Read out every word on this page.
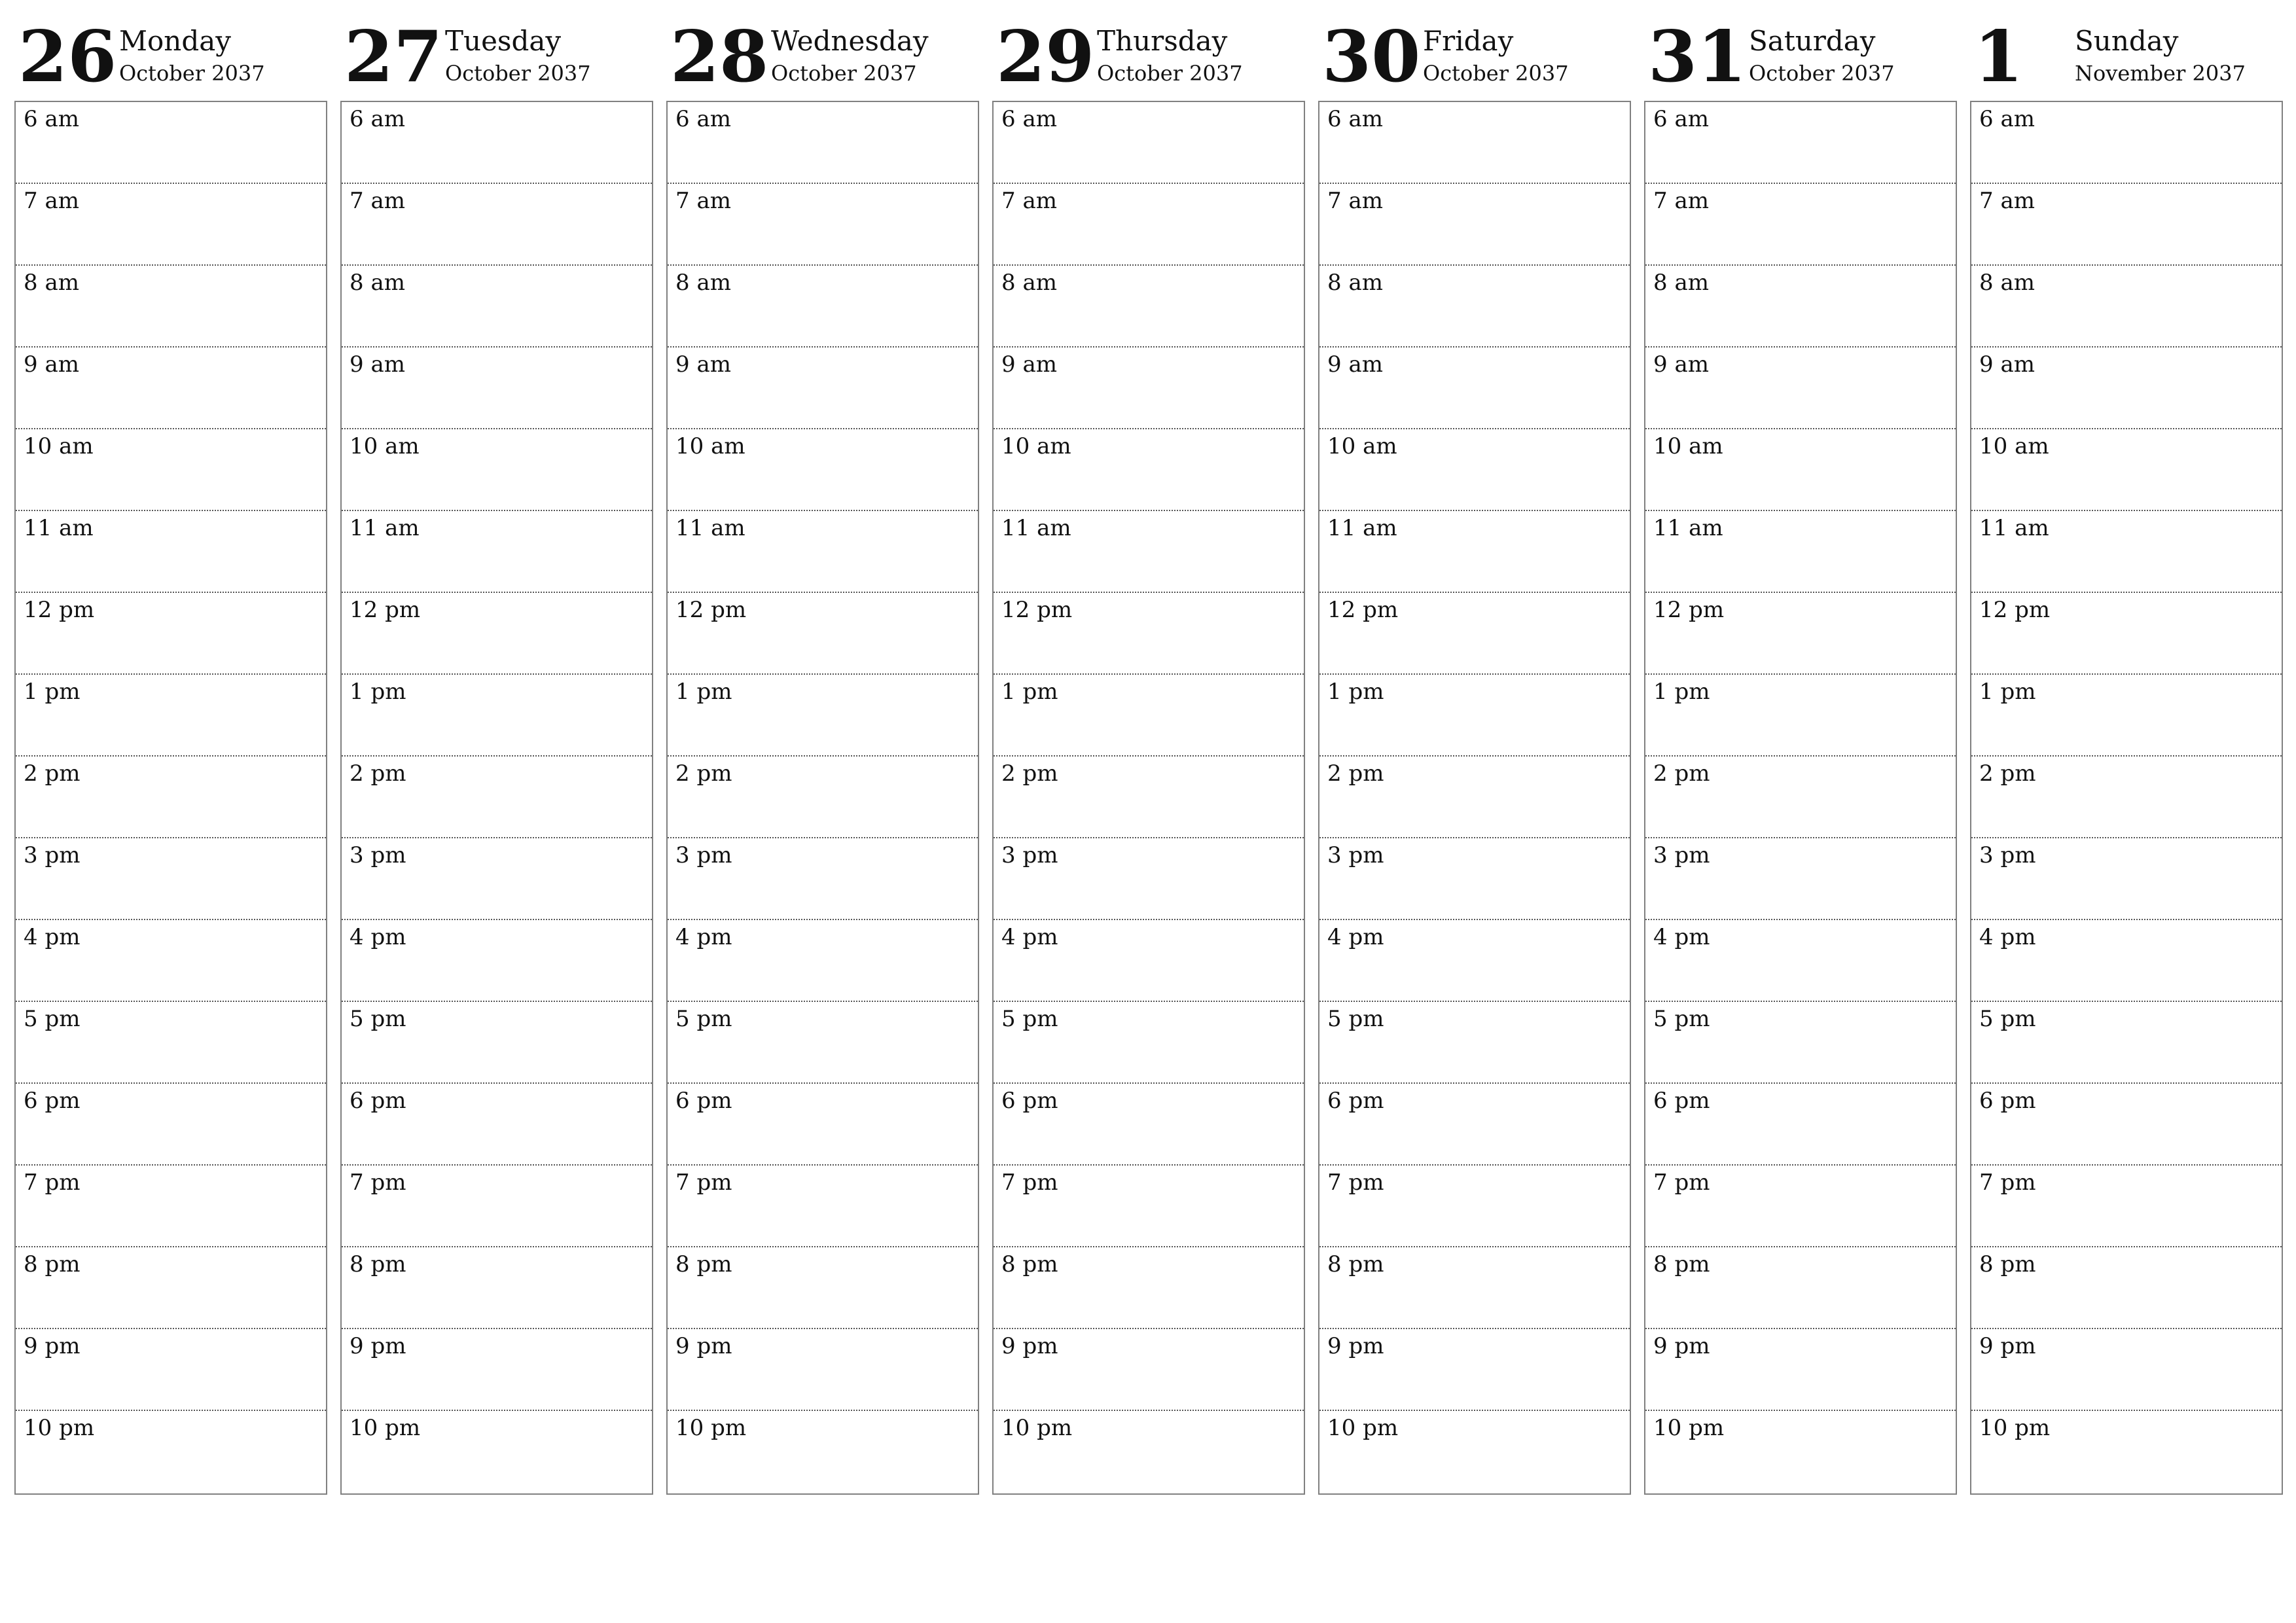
26 Monday
October 2037
6 am
7 am
8 am
9 am
10 am
11 am
12 pm
1 pm
2 pm
3 pm
4 pm
5 pm
6 pm
7 pm
8 pm
9 pm
10 pm
27 Tuesday
October 2037
6 am
7 am
8 am
9 am
10 am
11 am
12 pm
1 pm
2 pm
3 pm
4 pm
5 pm
6 pm
7 pm
8 pm
9 pm
10 pm
28 Wednesday
October 2037
6 am
7 am
8 am
9 am
10 am
11 am
12 pm
1 pm
2 pm
3 pm
4 pm
5 pm
6 pm
7 pm
8 pm
9 pm
10 pm
29 Thursday
October 2037
6 am
7 am
8 am
9 am
10 am
11 am
12 pm
1 pm
2 pm
3 pm
4 pm
5 pm
6 pm
7 pm
8 pm
9 pm
10 pm
30 Friday
October 2037
6 am
7 am
8 am
9 am
10 am
11 am
12 pm
1 pm
2 pm
3 pm
4 pm
5 pm
6 pm
7 pm
8 pm
9 pm
10 pm
31 Saturday
October 2037
6 am
7 am
8 am
9 am
10 am
11 am
12 pm
1 pm
2 pm
3 pm
4 pm
5 pm
6 pm
7 pm
8 pm
9 pm
10 pm
1 Sunday
November 2037
6 am
7 am
8 am
9 am
10 am
11 am
12 pm
1 pm
2 pm
3 pm
4 pm
5 pm
6 pm
7 pm
8 pm
9 pm
10 pm
